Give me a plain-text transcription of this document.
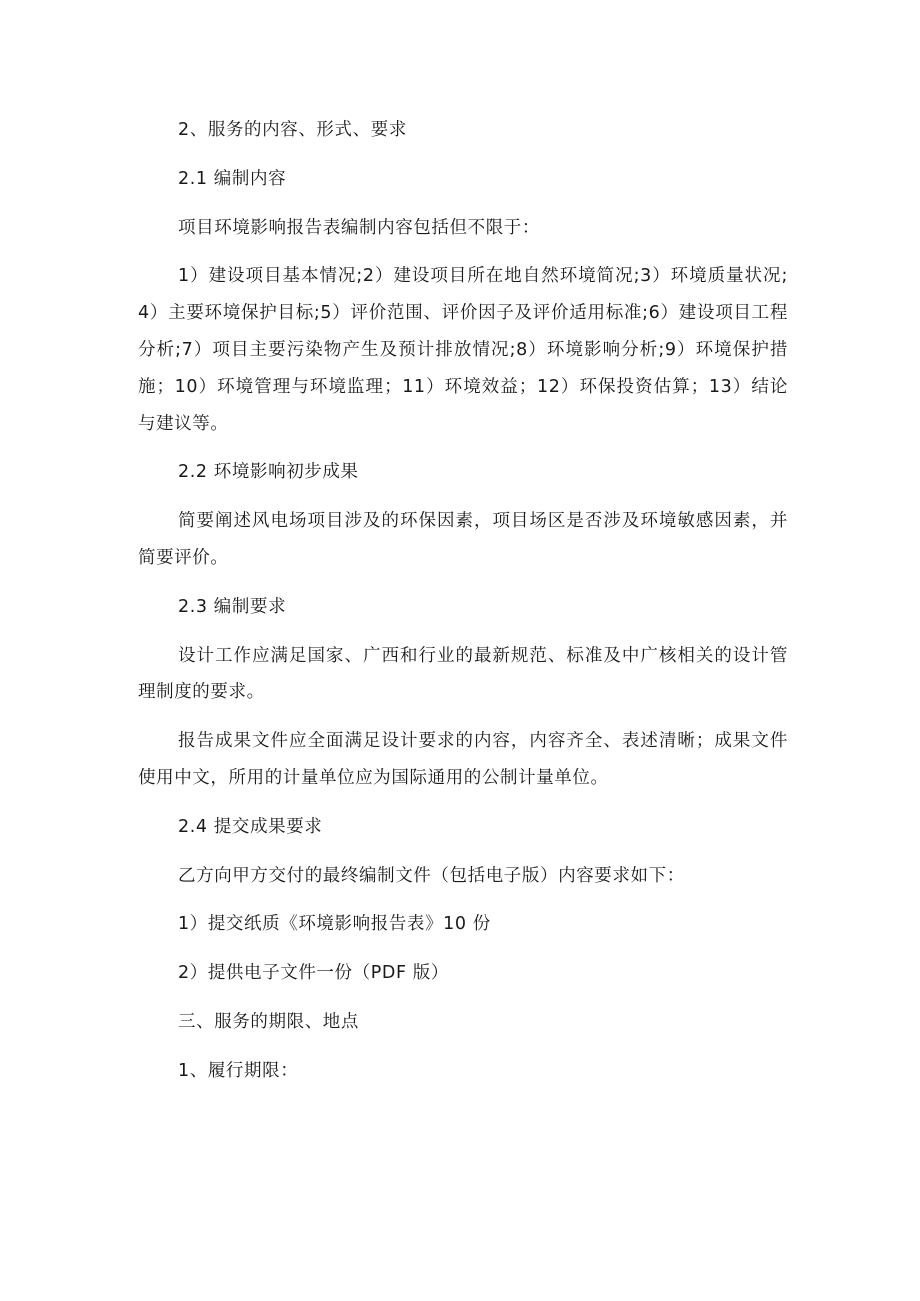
2、服务的内容、形式、要求

2.1 编制内容

项目环境影响报告表编制内容包括但不限于：

1）建设项目基本情况;2）建设项目所在地自然环境简况;3）环境质量状况;4）主要环境保护目标;5）评价范围、评价因子及评价适用标准;6）建设项目工程分析;7）项目主要污染物产生及预计排放情况;8）环境影响分析;9）环境保护措施；10）环境管理与环境监理；11）环境效益；12）环保投资估算；13）结论与建议等。

2.2 环境影响初步成果

简要阐述风电场项目涉及的环保因素，项目场区是否涉及环境敏感因素，并简要评价。

2.3 编制要求

设计工作应满足国家、广西和行业的最新规范、标准及中广核相关的设计管理制度的要求。

报告成果文件应全面满足设计要求的内容，内容齐全、表述清晰；成果文件使用中文，所用的计量单位应为国际通用的公制计量单位。

2.4 提交成果要求

乙方向甲方交付的最终编制文件（包括电子版）内容要求如下：

1）提交纸质《环境影响报告表》10 份

2）提供电子文件一份（PDF 版）

三、服务的期限、地点

1、履行期限：
